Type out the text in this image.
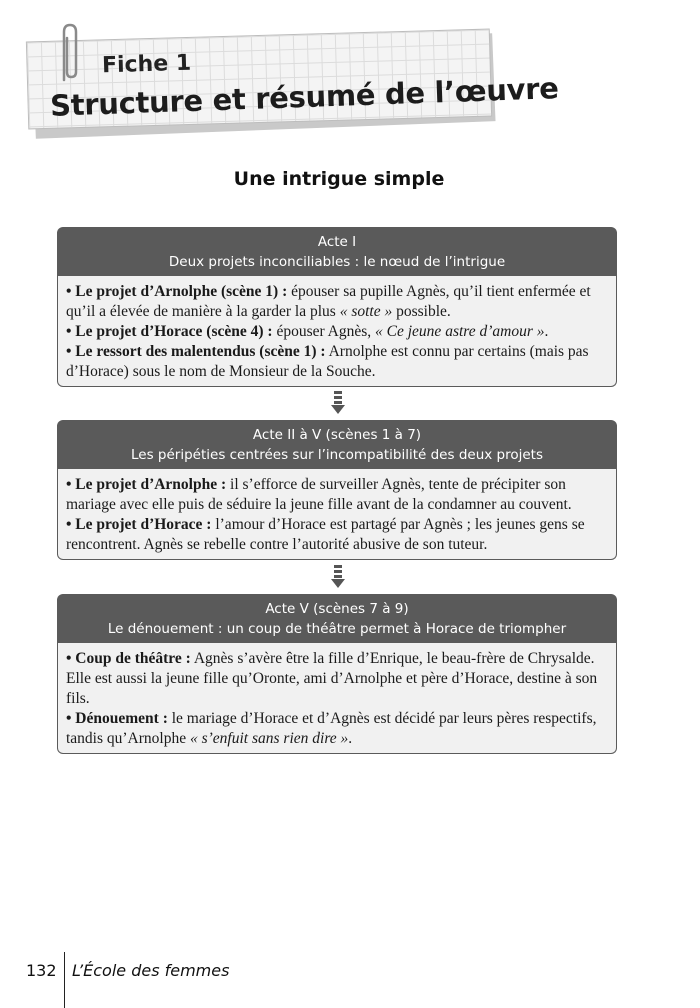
Fiche 1
Structure et résumé de l’œuvre
Une intrigue simple
Acte I
Deux projets inconciliables : le nœud de l’intrigue

• Le projet d’Arnolphe (scène 1) : épouser sa pupille Agnès, qu’il tient enfermée et qu’il a élevée de manière à la garder la plus « sotte » possible.

• Le projet d’Horace (scène 4) : épouser Agnès, « Ce jeune astre d’amour ».

• Le ressort des malentendus (scène 1) : Arnolphe est connu par certains (mais pas d’Horace) sous le nom de Monsieur de la Souche.

Acte II à V (scènes 1 à 7)
Les péripéties centrées sur l’incompatibilité des deux projets

• Le projet d’Arnolphe : il s’efforce de surveiller Agnès, tente de précipiter son mariage avec elle puis de séduire la jeune fille avant de la condamner au couvent.

• Le projet d’Horace : l’amour d’Horace est partagé par Agnès ; les jeunes gens se rencontrent. Agnès se rebelle contre l’autorité abusive de son tuteur.

Acte V (scènes 7 à 9)
Le dénouement : un coup de théâtre permet à Horace de triompher

• Coup de théâtre : Agnès s’avère être la fille d’Enrique, le beau-frère de Chrysalde. Elle est aussi la jeune fille qu’Oronte, ami d’Arnolphe et père d’Horace, destine à son fils.

• Dénouement : le mariage d’Horace et d’Agnès est décidé par leurs pères respectifs, tandis qu’Arnolphe « s’enfuit sans rien dire ».

132 L’École des femmes
